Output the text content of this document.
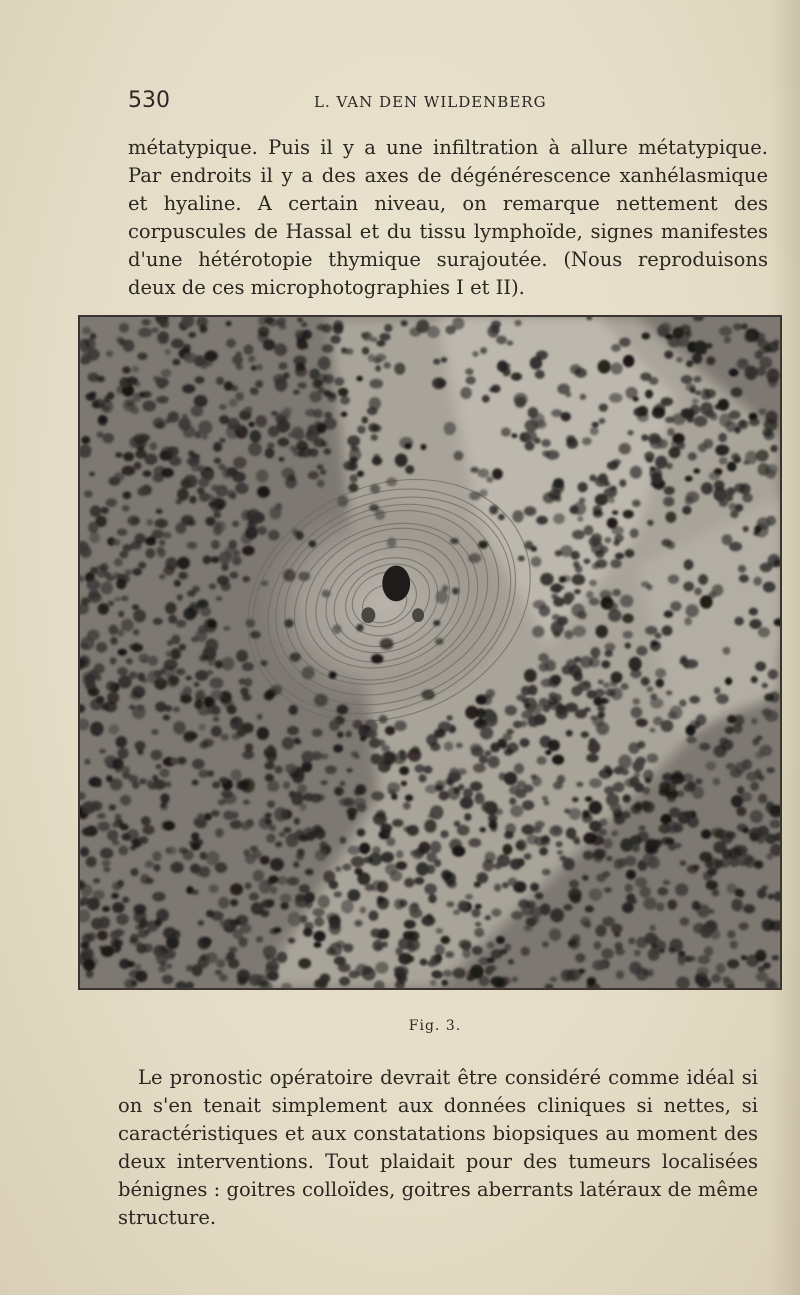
530	L. VAN DEN WILDENBERG

métatypique. Puis il y a une infiltration à allure métatypique. Par endroits il y a des axes de dégénérescence xanhélasmique et hyaline. A certain niveau, on remarque nettement des corpuscules de Hassal et du tissu lymphoïde, signes manifestes d'une hétérotopie thymique surajoutée. (Nous reproduisons deux de ces microphotographies I et II).

Fig. 3.

Le pronostic opératoire devrait être considéré comme idéal si on s'en tenait simplement aux données cliniques si nettes, si caractéristiques et aux constatations biopsiques au moment des deux interventions. Tout plaidait pour des tumeurs localisées bénignes : goitres colloïdes, goitres aberrants latéraux de même structure.
